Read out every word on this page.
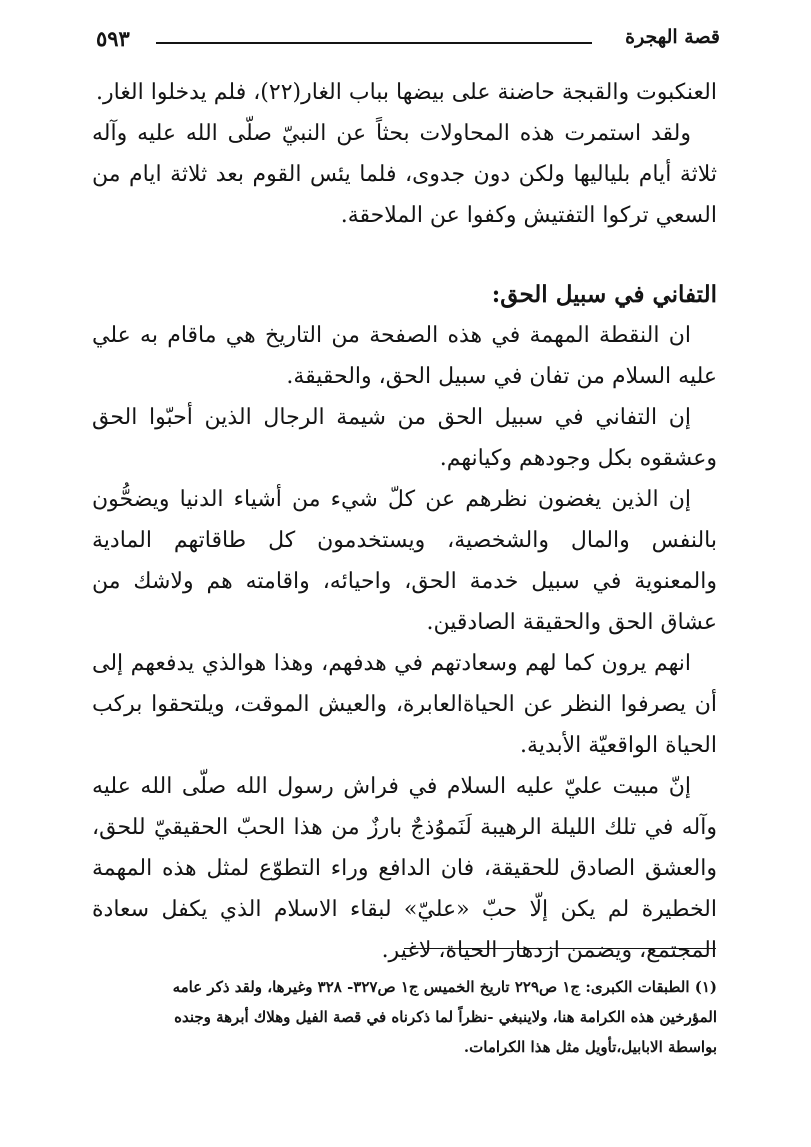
قصة الهجرة
٥٩٣

العنكبوت والقبجة حاضنة على بيضها بباب الغار(٢٢)، فلم يدخلوا الغار.

ولقد استمرت هذه المحاولات بحثاً عن النبيّ صلّى الله عليه وآله ثلاثة أيام بلياليها ولكن دون جدوى، فلما يئس القوم بعد ثلاثة ايام من السعي تركوا التفتيش وكفوا عن الملاحقة.

التفاني في سبيل الحق:

ان النقطة المهمة في هذه الصفحة من التاريخ هي ماقام به علي عليه السلام من تفان في سبيل الحق، والحقيقة.

إن التفاني في سبيل الحق من شيمة الرجال الذين أحبّوا الحق وعشقوه بكل وجودهم وكيانهم.

إن الذين يغضون نظرهم عن كلّ شيء من أشياء الدنيا ويضحُّون بالنفس والمال والشخصية، ويستخدمون كل طاقاتهم المادية والمعنوية في سبيل خدمة الحق، واحيائه، واقامته هم ولاشك من عشاق الحق والحقيقة الصادقين.

انهم يرون كما لهم وسعادتهم في هدفهم، وهذا هوالذي يدفعهم إلى أن يصرفوا النظر عن الحياةالعابرة، والعيش الموقت، ويلتحقوا بركب الحياة الواقعيّة الأبدية.

إنّ مبيت عليّ عليه السلام في فراش رسول الله صلّى الله عليه وآله في تلك الليلة الرهيبة لَنَموُذجٌ بارزٌ من هذا الحبّ الحقيقيّ للحق، والعشق الصادق للحقيقة، فان الدافع وراء التطوّع لمثل هذه المهمة الخطيرة لم يكن إلّا حبّ «عليّ» لبقاء الاسلام الذي يكفل سعادة المجتمع، ويضمن ازدهار الحياة، لاغير.

(١) الطبقات الكبرى: ج١ ص٢٢٩ تاريخ الخميس ج١ ص٣٢٧- ٣٢٨ وغيرها، ولقد ذكر عامه

المؤرخين هذه الكرامة هنا، ولاينبغي -نظراً لما ذكرناه في قصة الفيل وهلاك أبرهة وجنده

بواسطة الابابيل،تأويل مثل هذا الكرامات.
